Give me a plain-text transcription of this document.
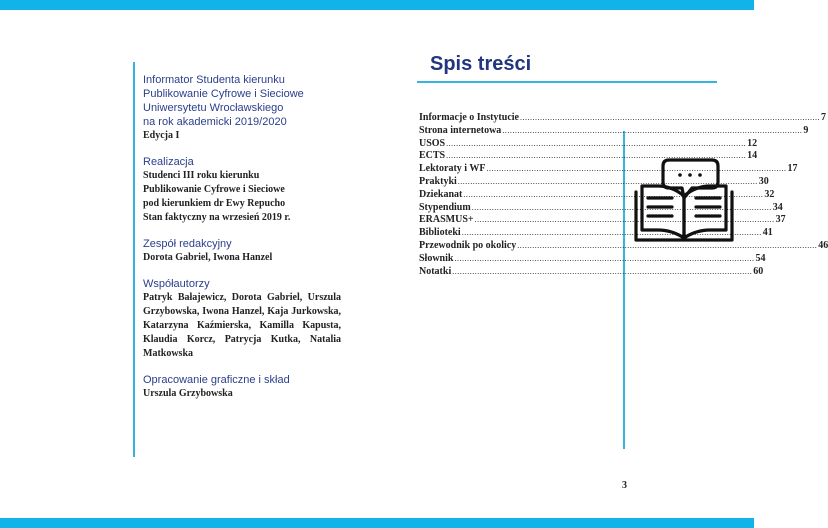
Informator Studenta kierunku
Publikowanie Cyfrowe i Sieciowe
Uniwersytetu Wrocławskiego
na rok akademicki 2019/2020
Edycja I
Realizacja
Studenci III roku kierunku
Publikowanie Cyfrowe i Sieciowe
pod kierunkiem dr Ewy Repucho
Stan faktyczny na wrzesień 2019 r.
Zespół redakcyjny
Dorota Gabriel, Iwona Hanzel
Współautorzy
Patryk Bałajewicz, Dorota Gabriel, Urszula Grzybowska, Iwona Hanzel, Kaja Jurkowska, Katarzyna Kaźmierska, Kamilla Kapusta, Klaudia Korcz, Patrycja Kutka, Natalia Matkowska
Opracowanie graficzne i skład
Urszula Grzybowska
Spis treści
Informacje o Instytucie ........................................................................................................................ 7
Strona internetowa ........................................................................................................................ 9
USOS ........................................................................................................................ 12
ECTS ........................................................................................................................ 14
Lektoraty i WF ........................................................................................................................ 17
Praktyki ........................................................................................................................ 30
Dziekanat ........................................................................................................................ 32
Stypendium ........................................................................................................................ 34
ERASMUS+ ........................................................................................................................ 37
Biblioteki ........................................................................................................................ 41
Przewodnik po okolicy ........................................................................................................................ 46
Słownik ........................................................................................................................ 54
Notatki ........................................................................................................................ 60
3
